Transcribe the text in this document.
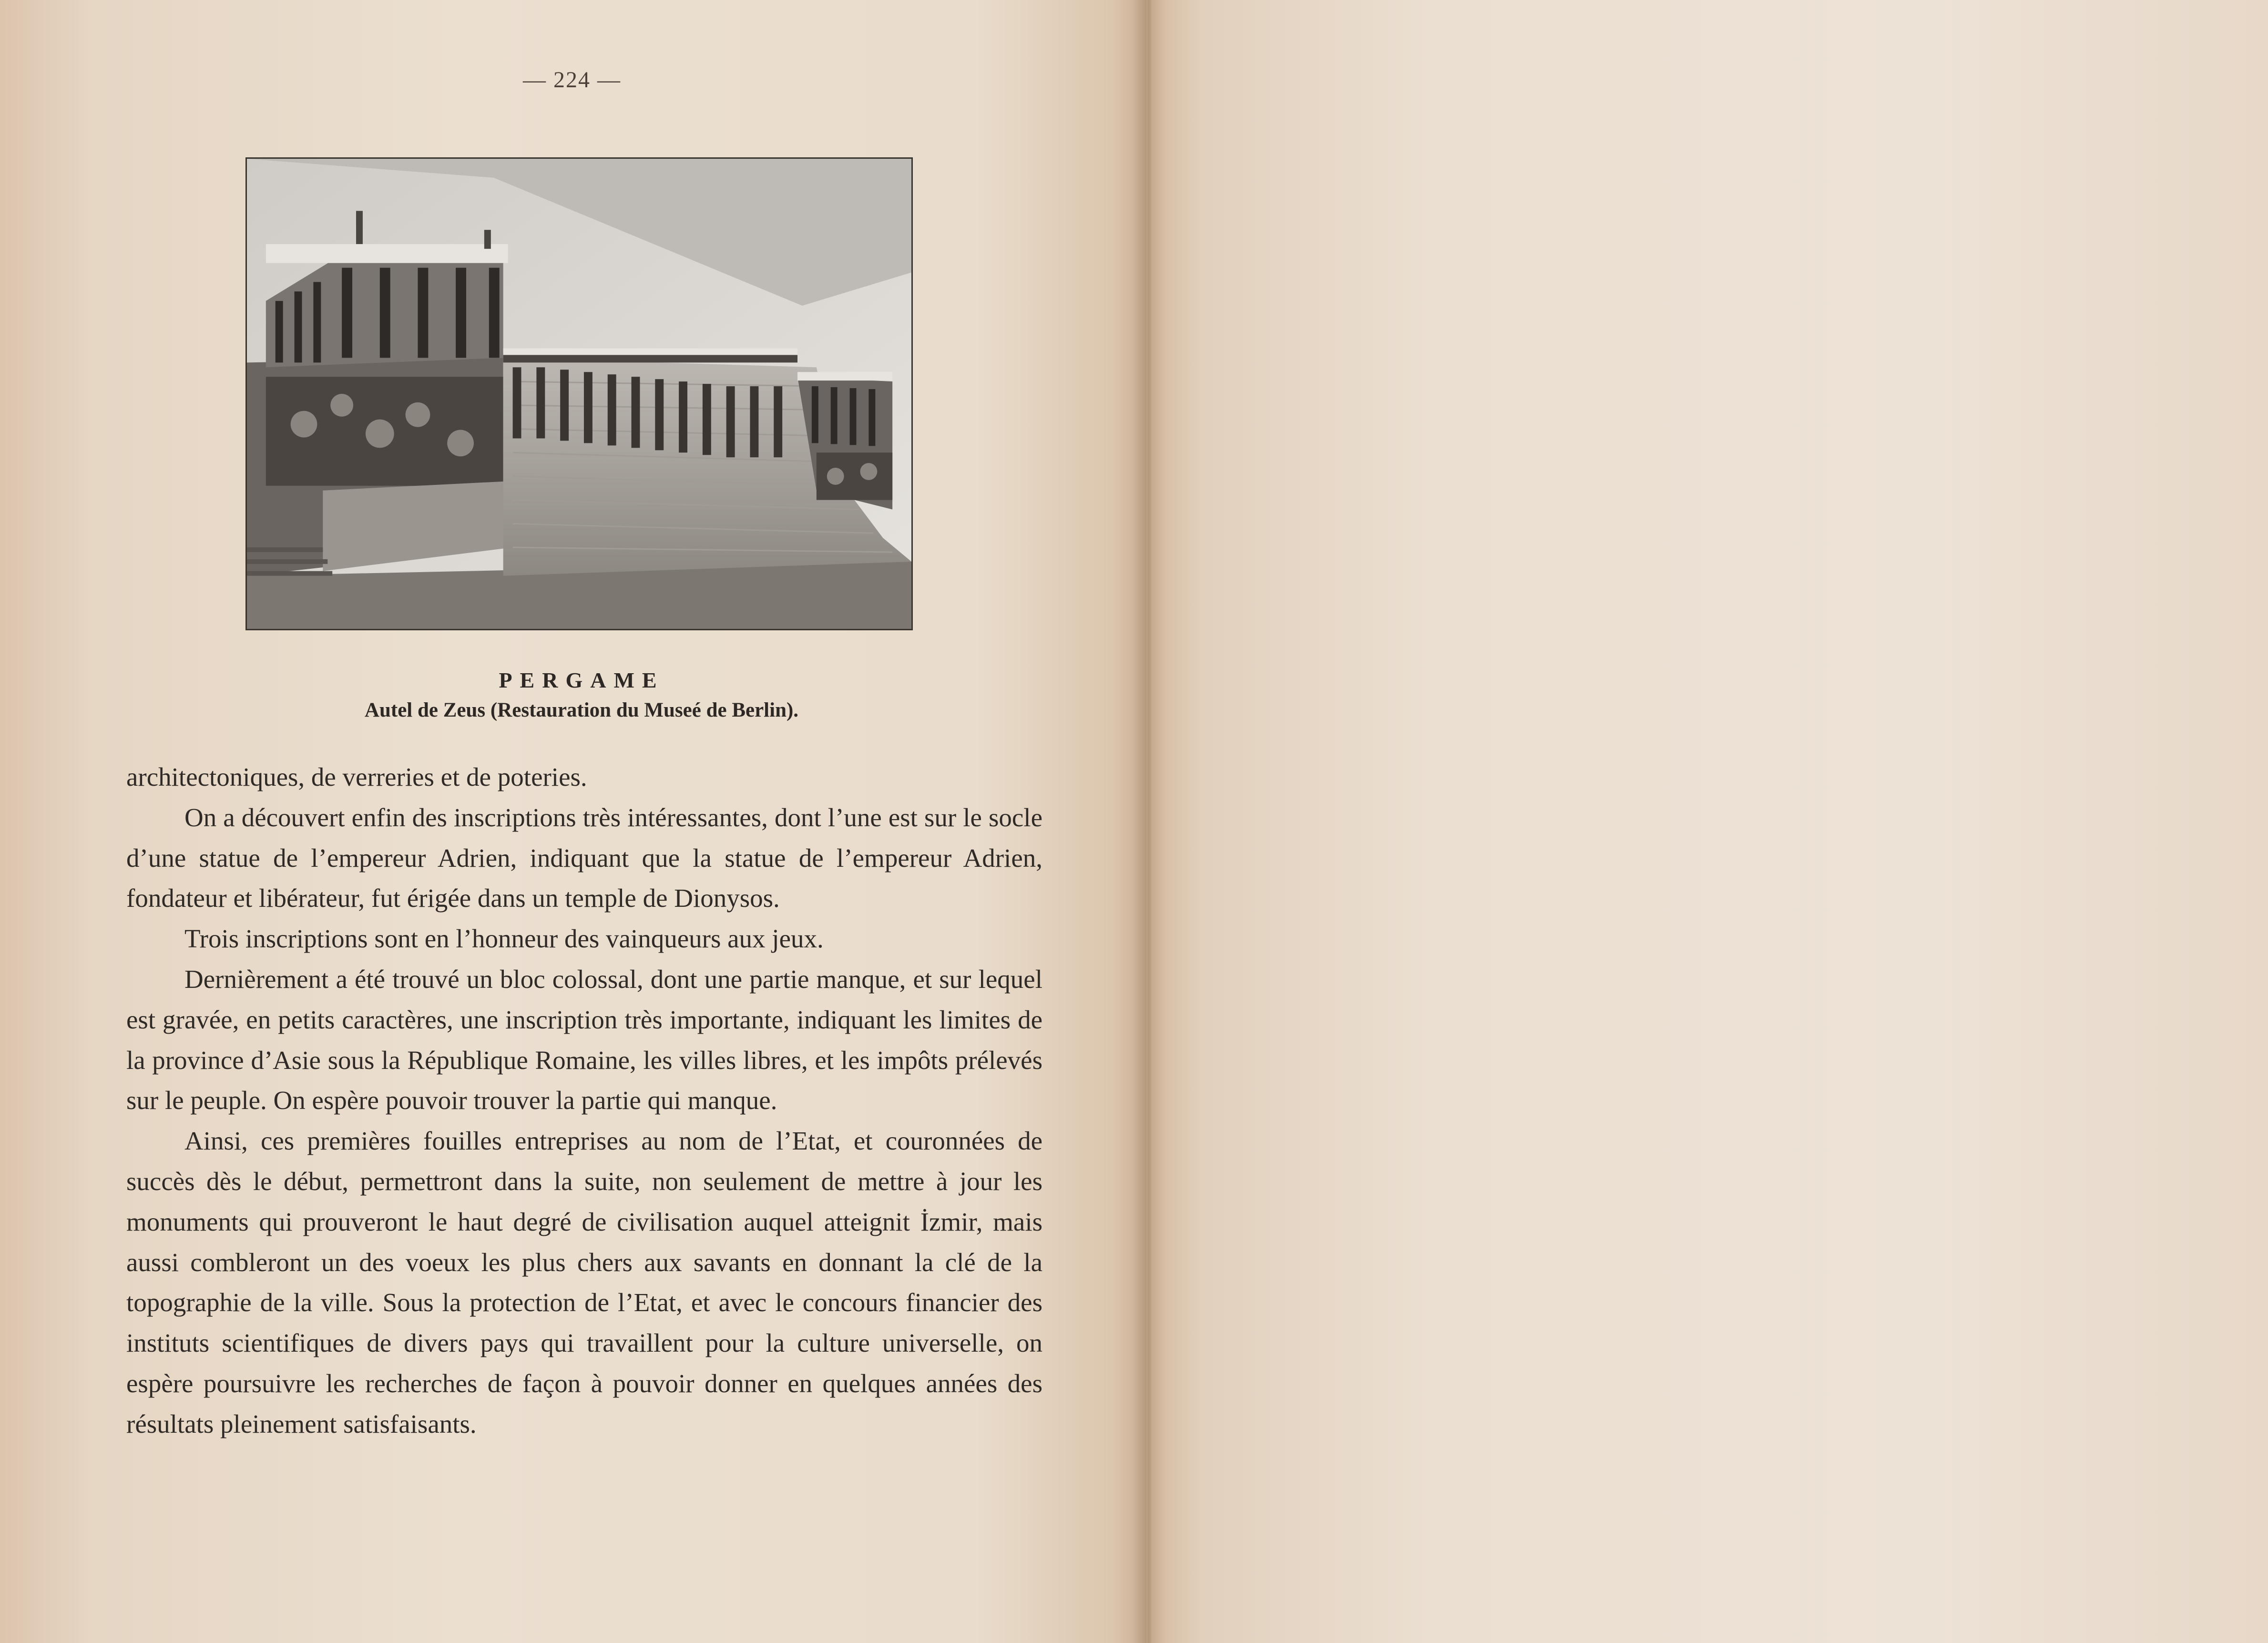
— 224 —
PERGAME
Autel de Zeus (Restauration du Museé de Berlin).

architectoniques, de verreries et de poteries.

On a découvert enfin des inscriptions très intéressantes, dont l’une est sur le socle d’une statue de l’empereur Adrien, indiquant que la statue de l’empereur Adrien, fondateur et libérateur, fut érigée dans un temple de Dionysos.

Trois inscriptions sont en l’honneur des vainqueurs aux jeux.

Dernièrement a été trouvé un bloc colossal, dont une partie manque, et sur lequel est gravée, en petits caractères, une inscription très importante, indiquant les limites de la province d’Asie sous la République Romaine, les villes libres, et les impôts prélevés sur le peuple. On espère pouvoir trouver la partie qui manque.

Ainsi, ces premières fouilles entreprises au nom de l’Etat, et couronnées de succès dès le début, permettront dans la suite, non seulement de mettre à jour les monuments qui prouveront le haut degré de civilisation auquel atteignit İzmir, mais aussi combleront un des voeux les plus chers aux savants en donnant la clé de la topographie de la ville. Sous la protection de l’Etat, et avec le concours financier des instituts scientifiques de divers pays qui travaillent pour la culture universelle, on espère poursuivre les recherches de façon à pouvoir donner en quelques années des résultats pleinement satisfaisants.
